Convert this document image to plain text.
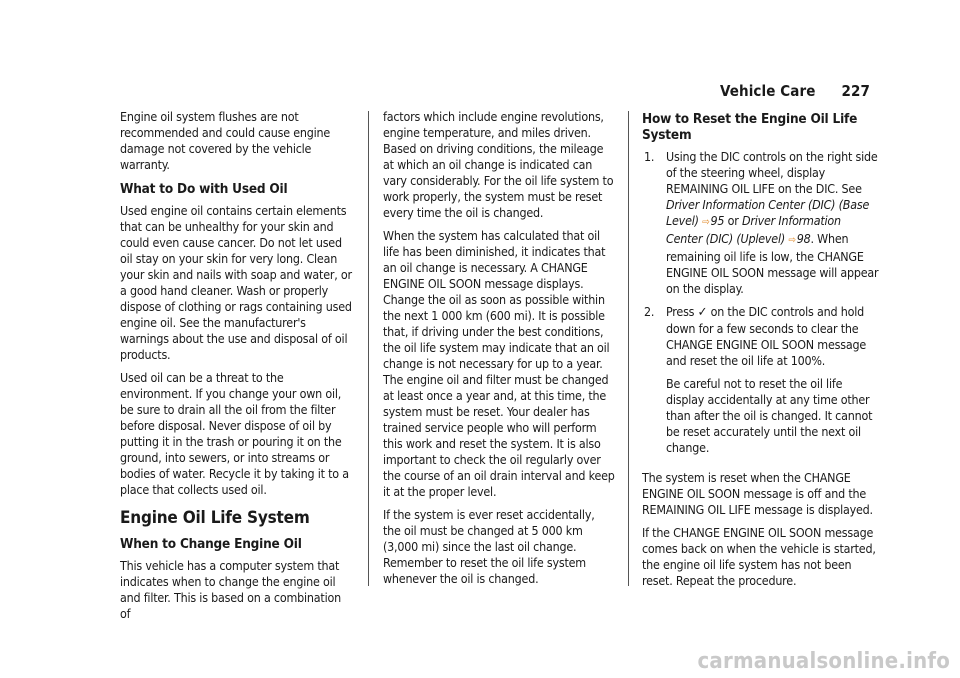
Vehicle Care 227

Engine oil system flushes are not recommended and could cause engine damage not covered by the vehicle warranty.

What to Do with Used Oil

Used engine oil contains certain elements that can be unhealthy for your skin and could even cause cancer. Do not let used oil stay on your skin for very long. Clean your skin and nails with soap and water, or a good hand cleaner. Wash or properly dispose of clothing or rags containing used engine oil. See the manufacturer's warnings about the use and disposal of oil products.

Used oil can be a threat to the environment. If you change your own oil, be sure to drain all the oil from the filter before disposal. Never dispose of oil by putting it in the trash or pouring it on the ground, into sewers, or into streams or bodies of water. Recycle it by taking it to a place that collects used oil.

Engine Oil Life System
When to Change Engine Oil

This vehicle has a computer system that indicates when to change the engine oil and filter. This is based on a combination of

factors which include engine revolutions, engine temperature, and miles driven. Based on driving conditions, the mileage at which an oil change is indicated can vary considerably. For the oil life system to work properly, the system must be reset every time the oil is changed.

When the system has calculated that oil life has been diminished, it indicates that an oil change is necessary. A CHANGE ENGINE OIL SOON message displays. Change the oil as soon as possible within the next 1 000 km (600 mi). It is possible that, if driving under the best conditions, the oil life system may indicate that an oil change is not necessary for up to a year. The engine oil and filter must be changed at least once a year and, at this time, the system must be reset. Your dealer has trained service people who will perform this work and reset the system. It is also important to check the oil regularly over the course of an oil drain interval and keep it at the proper level.

If the system is ever reset accidentally, the oil must be changed at 5 000 km (3,000 mi) since the last oil change. Remember to reset the oil life system whenever the oil is changed.

How to Reset the Engine Oil Life System
1. Using the DIC controls on the right side of the steering wheel, display REMAINING OIL LIFE on the DIC. See Driver Information Center (DIC) (Base Level) ⇨95 or Driver Information Center (DIC) (Uplevel) ⇨98. When remaining oil life is low, the CHANGE ENGINE OIL SOON message will appear on the display.
2. Press ✓ on the DIC controls and hold down for a few seconds to clear the CHANGE ENGINE OIL SOON message and reset the oil life at 100%.

Be careful not to reset the oil life display accidentally at any time other than after the oil is changed. It cannot be reset accurately until the next oil change.

The system is reset when the CHANGE ENGINE OIL SOON message is off and the REMAINING OIL LIFE message is displayed.

If the CHANGE ENGINE OIL SOON message comes back on when the vehicle is started, the engine oil life system has not been reset. Repeat the procedure.

carmanualsonline.info
